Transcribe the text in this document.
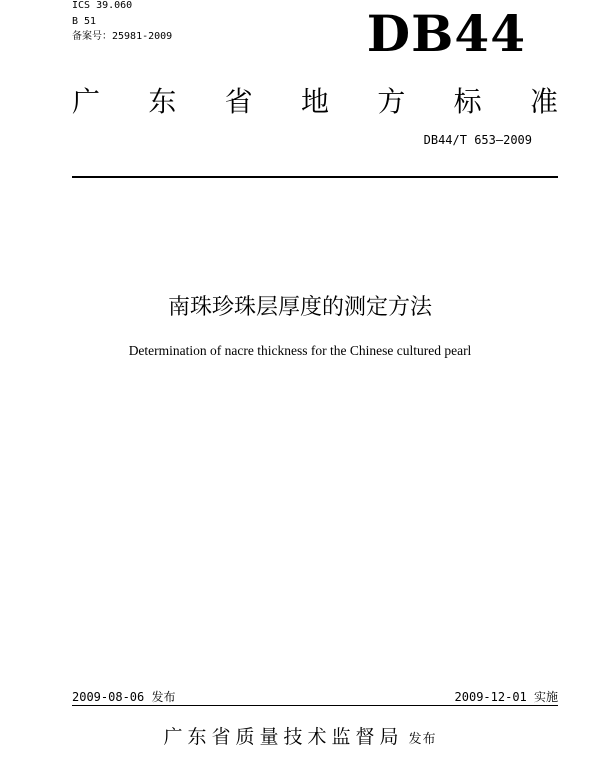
ICS 39.060
B 51
备案号：25981-2009	DB44
广 东 省 地 方 标 准
DB44/T 653—2009
南珠珍珠层厚度的测定方法
Determination of nacre thickness for the Chinese cultured pearl
2009-08-06 发布	2009-12-01 实施
广东省质量技术监督局 发布
